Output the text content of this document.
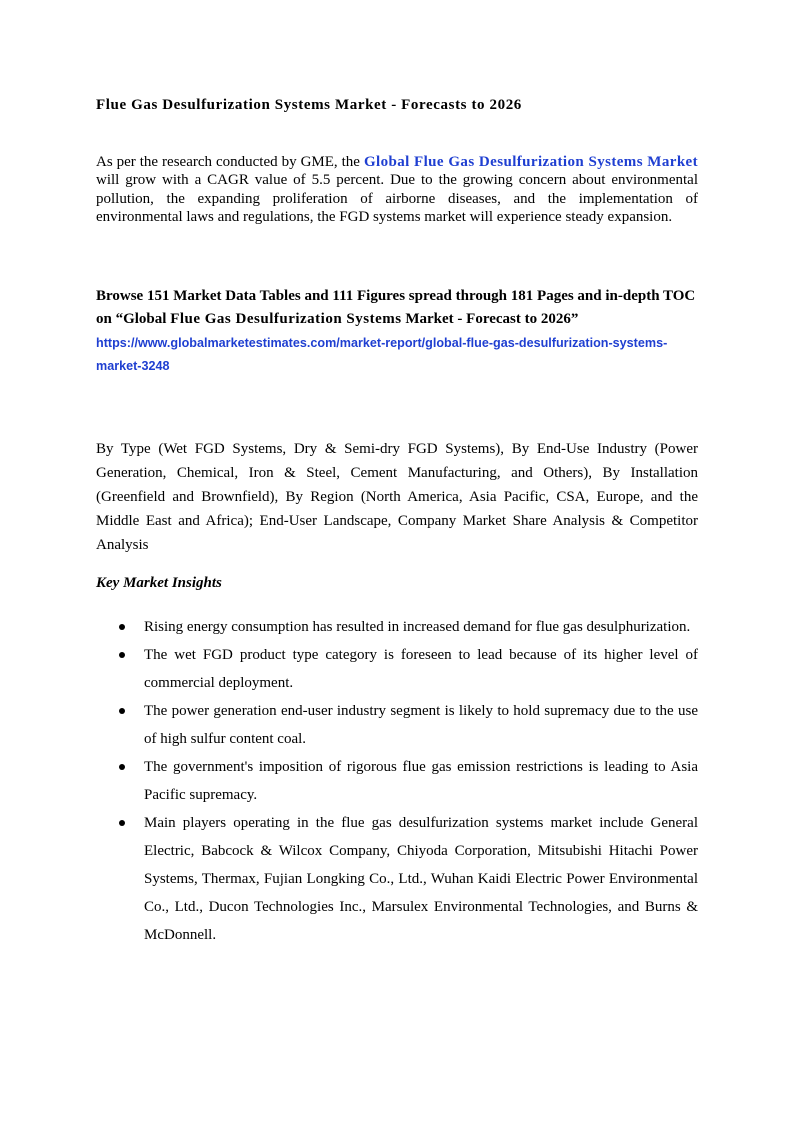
Flue Gas Desulfurization Systems Market - Forecasts to 2026

As per the research conducted by GME, the Global Flue Gas Desulfurization Systems Market will grow with a CAGR value of 5.5 percent. Due to the growing concern about environmental pollution, the expanding proliferation of airborne diseases, and the implementation of environmental laws and regulations, the FGD systems market will experience steady expansion.

Browse 151 Market Data Tables and 111 Figures spread through 181 Pages and in-depth TOC on “Global Flue Gas Desulfurization Systems Market - Forecast to 2026” https://www.globalmarketestimates.com/market-report/global-flue-gas-desulfurization-systems-market-3248

By Type (Wet FGD Systems, Dry & Semi-dry FGD Systems), By End-Use Industry (Power Generation, Chemical, Iron & Steel, Cement Manufacturing, and Others), By Installation (Greenfield and Brownfield), By Region (North America, Asia Pacific, CSA, Europe, and the Middle East and Africa); End-User Landscape, Company Market Share Analysis & Competitor Analysis

Key Market Insights

Rising energy consumption has resulted in increased demand for flue gas desulphurization.
The wet FGD product type category is foreseen to lead because of its higher level of commercial deployment.
The power generation end-user industry segment is likely to hold supremacy due to the use of high sulfur content coal.
The government's imposition of rigorous flue gas emission restrictions is leading to Asia Pacific supremacy.
Main players operating in the flue gas desulfurization systems market include General Electric, Babcock & Wilcox Company, Chiyoda Corporation, Mitsubishi Hitachi Power Systems, Thermax, Fujian Longking Co., Ltd., Wuhan Kaidi Electric Power Environmental Co., Ltd., Ducon Technologies Inc., Marsulex Environmental Technologies, and Burns & McDonnell.
